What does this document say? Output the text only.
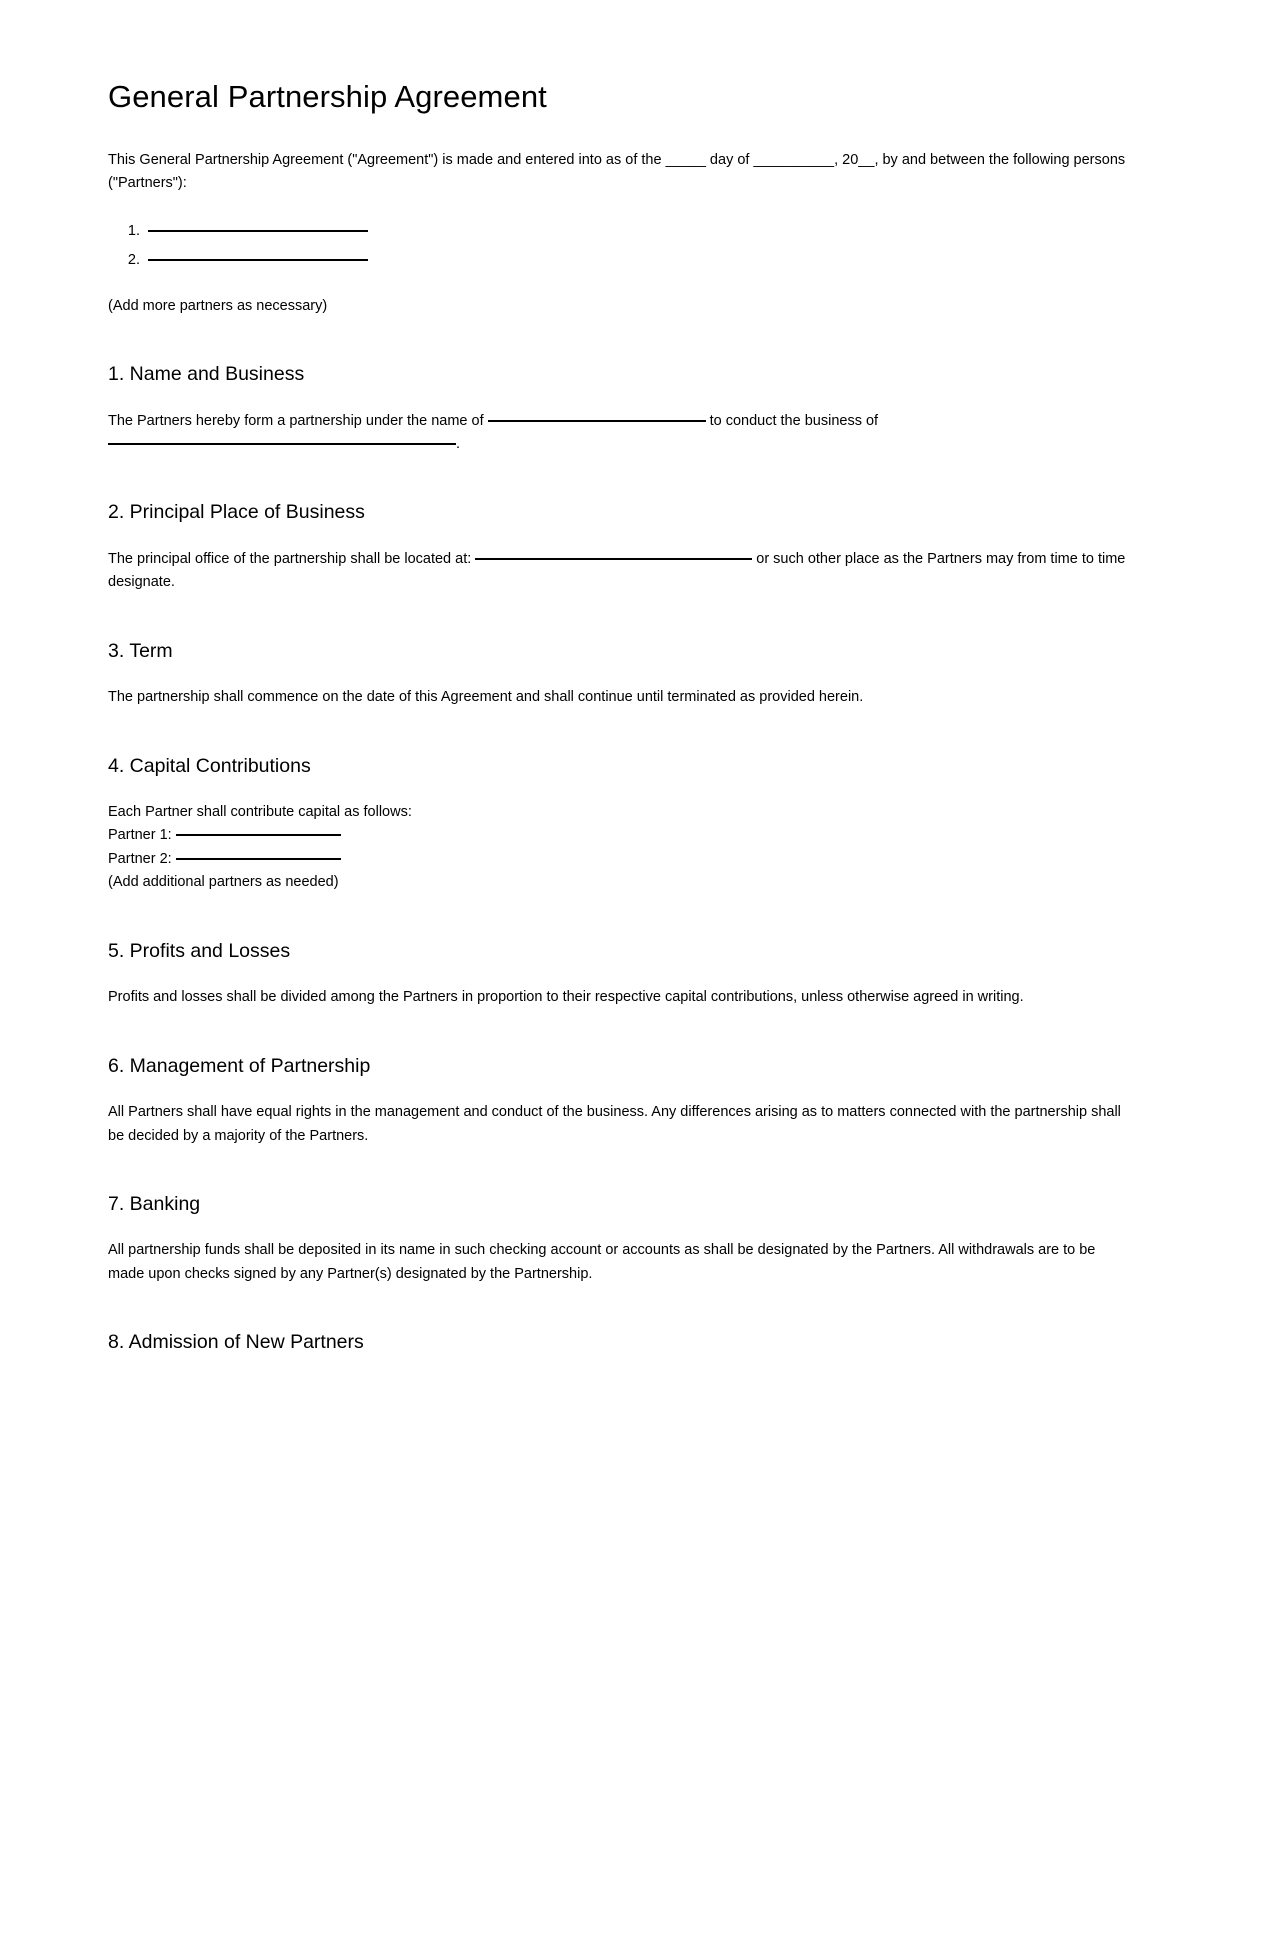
General Partnership Agreement

This General Partnership Agreement ("Agreement") is made and entered into as of the _____ day of __________, 20__, by and between the following persons ("Partners"):

1.
2.

(Add more partners as necessary)

1. Name and Business

The Partners hereby form a partnership under the name of	to conduct the business of
.

2. Principal Place of Business

The principal office of the partnership shall be located at:	or such other place as the Partners may from time to time designate.

3. Term

The partnership shall commence on the date of this Agreement and shall continue until terminated as provided herein.

4. Capital Contributions
Each Partner shall contribute capital as follows:
Partner 1:
Partner 2:
(Add additional partners as needed)
5. Profits and Losses

Profits and losses shall be divided among the Partners in proportion to their respective capital contributions, unless otherwise agreed in writing.

6. Management of Partnership

All Partners shall have equal rights in the management and conduct of the business. Any differences arising as to matters connected with the partnership shall be decided by a majority of the Partners.

7. Banking

All partnership funds shall be deposited in its name in such checking account or accounts as shall be designated by the Partners. All withdrawals are to be made upon checks signed by any Partner(s) designated by the Partnership.

8. Admission of New Partners
